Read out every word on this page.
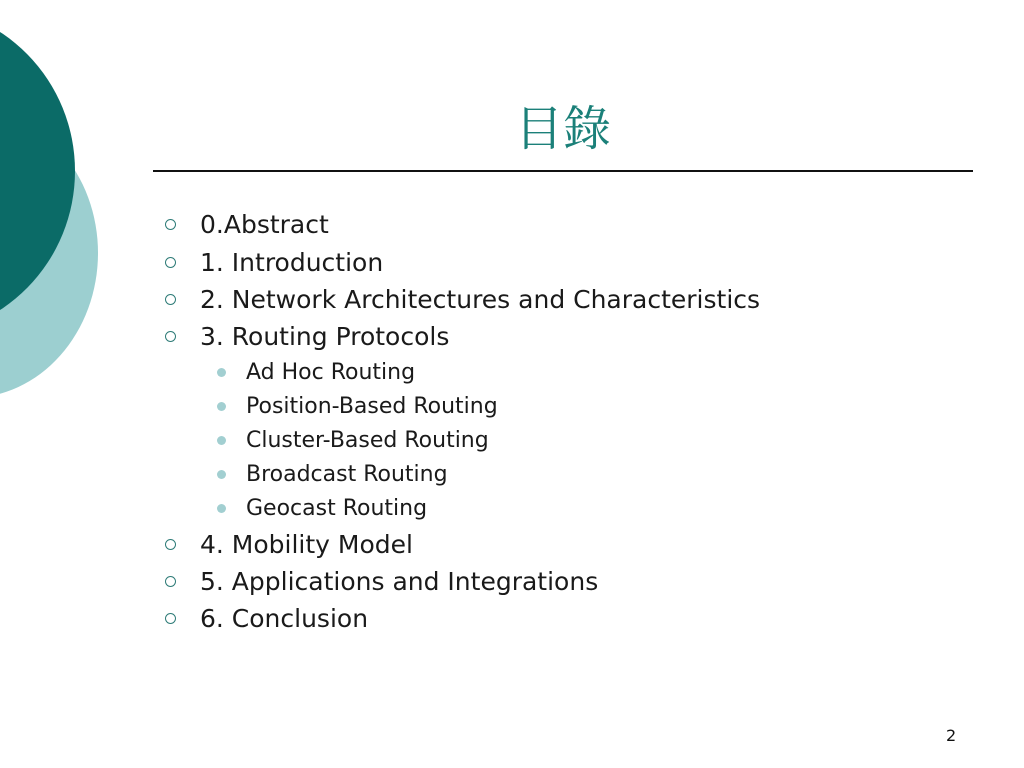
目錄
0.Abstract
1. Introduction
2. Network Architectures and Characteristics
3. Routing Protocols
Ad Hoc Routing
Position-Based Routing
Cluster-Based Routing
Broadcast Routing
Geocast Routing
4. Mobility Model
5. Applications and Integrations
6. Conclusion
2
